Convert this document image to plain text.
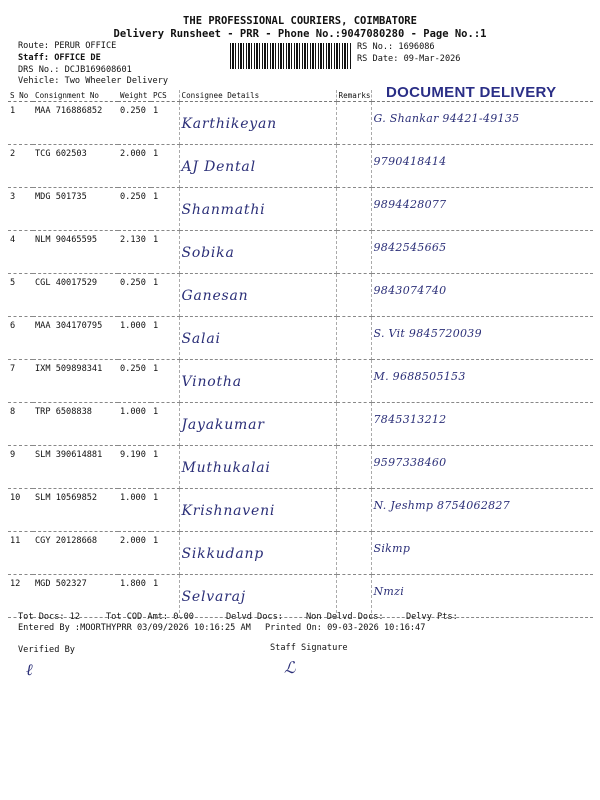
THE PROFESSIONAL COURIERS, COIMBATORE
Delivery Runsheet - PRR - Phone No.:9047080280 - Page No.:1
Route: PERUR OFFICE
Staff: OFFICE DE
DRS No.: DCJB169608601
Vehicle: Two Wheeler Delivery
RS No.: 1696086
RS Date: 09-Mar-2026
DOCUMENT DELIVERY
S No	Consignment No	Weight	PCS	Consignee Details	Remarks	
1	MAA 716886852	0.250	1	Karthikeyan		G. Shankar 94421-49135

2	TCG 602503	2.000	1	AJ Dental		9790418414

3	MDG 501735	0.250	1	Shanmathi		9894428077

4	NLM 90465595	2.130	1	Sobika		9842545665

5	CGL 40017529	0.250	1	Ganesan		9843074740

6	MAA 304170795	1.000	1	Salai		S. Vit 9845720039

7	IXM 509898341	0.250	1	Vinotha		M. 9688505153

8	TRP 6508838	1.000	1	Jayakumar		7845313212

9	SLM 390614881	9.190	1	Muthukalai		9597338460

10	SLM 10569852	1.000	1	Krishnaveni		N. Jeshmp 8754062827

11	CGY 20128668	2.000	1	Sikkudanp		Sikmp

12	MGD 502327	1.800	1	Selvaraj		Nmzi
Tot Docs: 12	Tot COD Amt: 0.00	Delvd Docs:	Non Delvd Docs:	Delvy Pts:
Entered By :MOORTHYPRR 03/09/2026 10:16:25 AM Printed On: 09-03-2026 10:16:47
Verified By	Staff Signature
ℓ	ℒ
